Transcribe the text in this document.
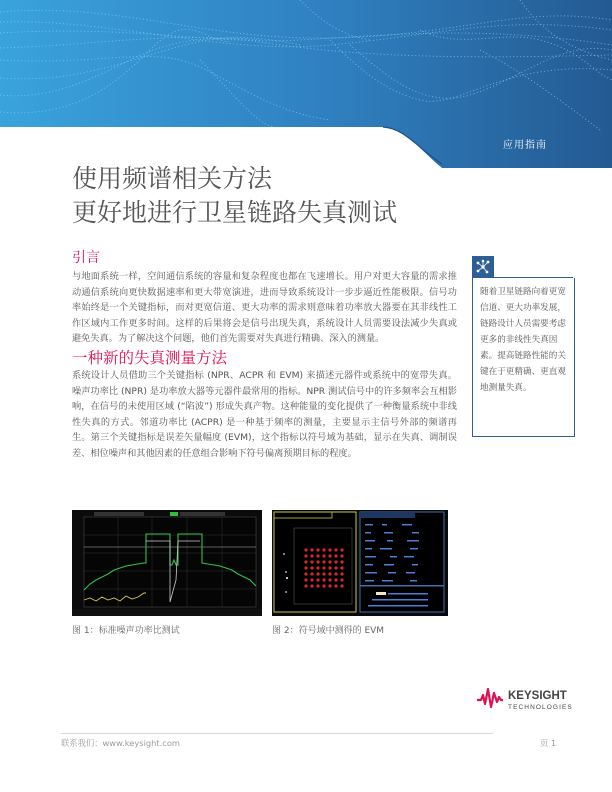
应用指南
使用频谱相关方法
更好地进行卫星链路失真测试
引言

与地面系统一样，空间通信系统的容量和复杂程度也都在飞速增长。用户对更大容量的需求推动通信系统向更快数据速率和更大带宽演进，进而导致系统设计一步步逼近性能极限。信号功率始终是一个关键指标，而对更宽信道、更大功率的需求则意味着功率放大器要在其非线性工作区域内工作更多时间。这样的后果将会是信号出现失真，系统设计人员需要设法减少失真或避免失真。为了解决这个问题，他们首先需要对失真进行精确、深入的测量。

一种新的失真测量方法

系统设计人员借助三个关键指标 (NPR、ACPR 和 EVM) 来描述元器件或系统中的宽带失真。噪声功率比 (NPR) 是功率放大器等元器件最常用的指标。NPR 测试信号中的许多频率会互相影响，在信号的未使用区域 (“陷波”) 形成失真产物。这种能量的变化提供了一种衡量系统中非线性失真的方式。邻道功率比 (ACPR) 是一种基于频率的测量，主要显示主信号外部的频谱再生。第三个关键指标是误差矢量幅度 (EVM)，这个指标以符号域为基础，显示在失真、调制误差、相位噪声和其他因素的任意组合影响下符号偏离预期目标的程度。

随着卫星链路向着更宽信道、更大功率发展，链路设计人员需要考虑更多的非线性失真因素。提高链路性能的关键在于更精确、更直观地测量失真。

图 1：标准噪声功率比测试	图 2：符号域中测得的 EVM
KEYSIGHT
TECHNOLOGIES
联系我们：www.keysight.com	页 1
